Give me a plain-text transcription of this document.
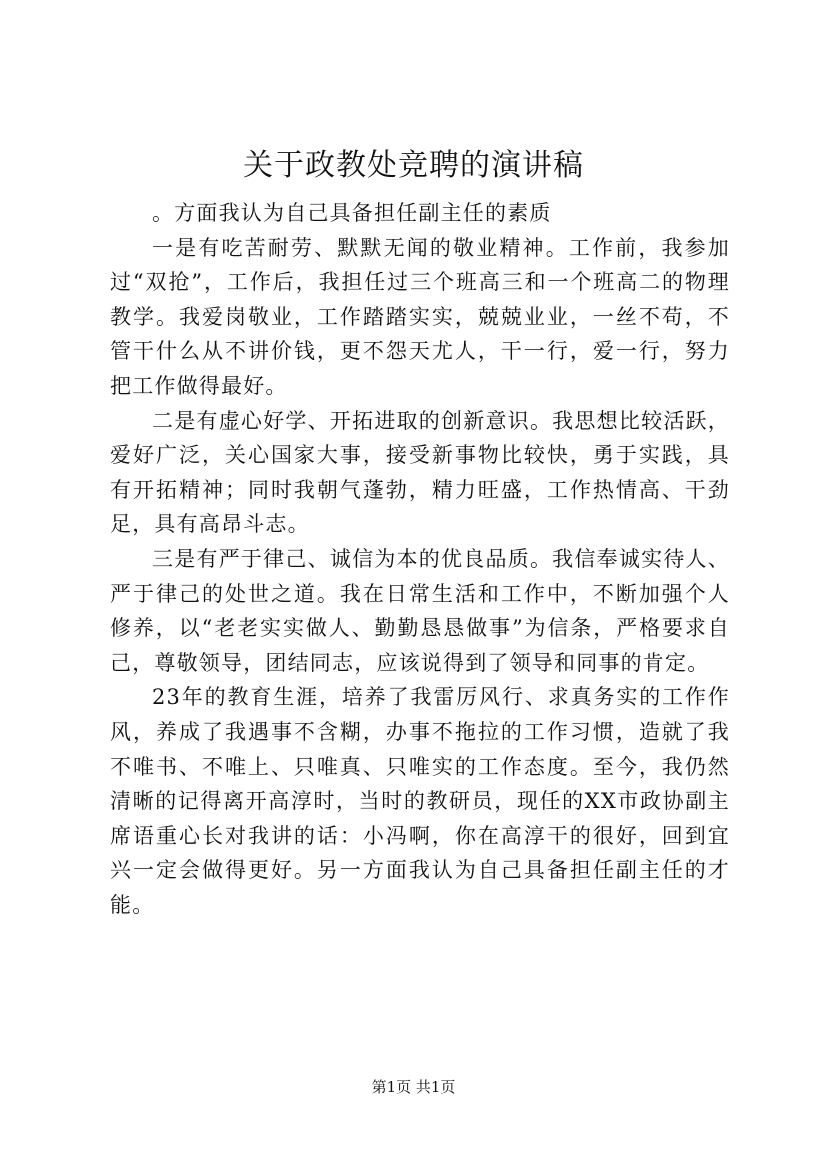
关于政教处竞聘的演讲稿

。方面我认为自己具备担任副主任的素质

一是有吃苦耐劳、默默无闻的敬业精神。工作前，我参加过“双抢”，工作后，我担任过三个班高三和一个班高二的物理教学。我爱岗敬业，工作踏踏实实，兢兢业业，一丝不苟，不管干什么从不讲价钱，更不怨天尤人，干一行，爱一行，努力把工作做得最好。

二是有虚心好学、开拓进取的创新意识。我思想比较活跃，爱好广泛，关心国家大事，接受新事物比较快，勇于实践，具有开拓精神；同时我朝气蓬勃，精力旺盛，工作热情高、干劲足，具有高昂斗志。

三是有严于律己、诚信为本的优良品质。我信奉诚实待人、严于律己的处世之道。我在日常生活和工作中，不断加强个人修养，以“老老实实做人、勤勤恳恳做事”为信条，严格要求自己，尊敬领导，团结同志，应该说得到了领导和同事的肯定。

23年的教育生涯，培养了我雷厉风行、求真务实的工作作风，养成了我遇事不含糊，办事不拖拉的工作习惯，造就了我不唯书、不唯上、只唯真、只唯实的工作态度。至今，我仍然清晰的记得离开高淳时，当时的教研员，现任的XX市政协副主席语重心长对我讲的话：小冯啊，你在高淳干的很好，回到宜兴一定会做得更好。另一方面我认为自己具备担任副主任的才能。

第1页 共1页
